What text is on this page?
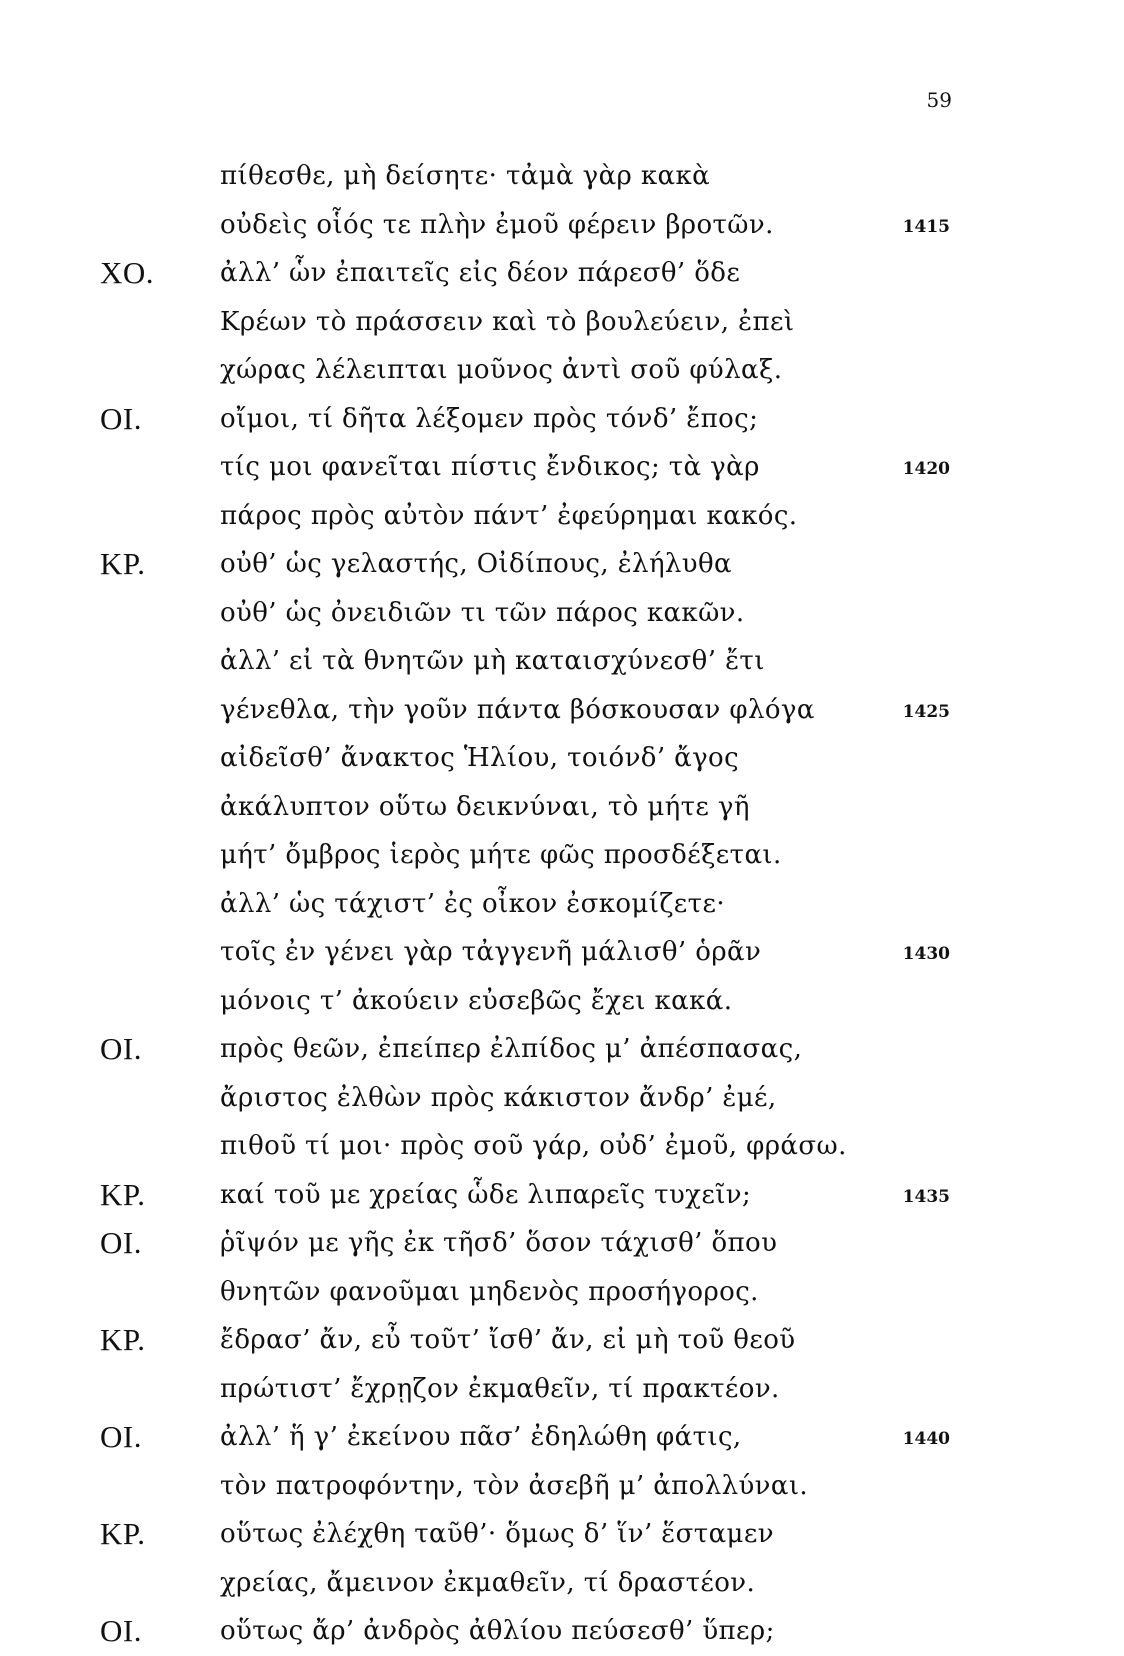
59
πίθεσθε, μὴ δείσητε· τἀμὰ γὰρ κακὰ
οὐδεὶς οἷός τε πλὴν ἐμοῦ φέρειν βροτῶν.	1415
ΧΟ.	ἀλλ’ ὧν ἐπαιτεῖς εἰς δέον πάρεσθ’ ὅδε
Κρέων τὸ πράσσειν καὶ τὸ βουλεύειν, ἐπεὶ
χώρας λέλειπται μοῦνος ἀντὶ σοῦ φύλαξ.
ΟΙ.	οἴμοι, τί δῆτα λέξομεν πρὸς τόνδ’ ἔπος;
τίς μοι φανεῖται πίστις ἔνδικος; τὰ γὰρ	1420
πάρος πρὸς αὐτὸν πάντ’ ἐφεύρημαι κακός.
ΚΡ.	οὐθ’ ὡς γελαστής, Οἰδίπους, ἐλήλυθα
οὐθ’ ὡς ὀνειδιῶν τι τῶν πάρος κακῶν.
ἀλλ’ εἰ τὰ θνητῶν μὴ καταισχύνεσθ’ ἔτι
γένεθλα, τὴν γοῦν πάντα βόσκουσαν φλόγα	1425
αἰδεῖσθ’ ἄνακτος Ἡλίου, τοιόνδ’ ἄγος
ἀκάλυπτον οὕτω δεικνύναι, τὸ μήτε γῆ
μήτ’ ὄμβρος ἱερὸς μήτε φῶς προσδέξεται.
ἀλλ’ ὡς τάχιστ’ ἐς οἶκον ἐσκομίζετε·
τοῖς ἐν γένει γὰρ τἀγγενῆ μάλισθ’ ὁρᾶν	1430
μόνοις τ’ ἀκούειν εὐσεβῶς ἔχει κακά.
ΟΙ.	πρὸς θεῶν, ἐπείπερ ἐλπίδος μ’ ἀπέσπασας,
ἄριστος ἐλθὼν πρὸς κάκιστον ἄνδρ’ ἐμέ,
πιθοῦ τί μοι· πρὸς σοῦ γάρ, οὐδ’ ἐμοῦ, φράσω.
ΚΡ.	καί τοῦ με χρείας ὧδε λιπαρεῖς τυχεῖν;	1435
ΟΙ.	ῥῖψόν με γῆς ἐκ τῆσδ’ ὅσον τάχισθ’ ὅπου
θνητῶν φανοῦμαι μηδενὸς προσήγορος.
ΚΡ.	ἔδρασ’ ἄν, εὖ τοῦτ’ ἴσθ’ ἄν, εἰ μὴ τοῦ θεοῦ
πρώτιστ’ ἔχρῃζον ἐκμαθεῖν, τί πρακτέον.
ΟΙ.	ἀλλ’ ἥ γ’ ἐκείνου πᾶσ’ ἐδηλώθη φάτις,	1440
τὸν πατροφόντην, τὸν ἀσεβῆ μ’ ἀπολλύναι.
ΚΡ.	οὕτως ἐλέχθη ταῦθ’· ὅμως δ’ ἵν’ ἕσταμεν
χρείας, ἄμεινον ἐκμαθεῖν, τί δραστέον.
ΟΙ.	οὕτως ἄρ’ ἀνδρὸς ἀθλίου πεύσεσθ’ ὕπερ;
